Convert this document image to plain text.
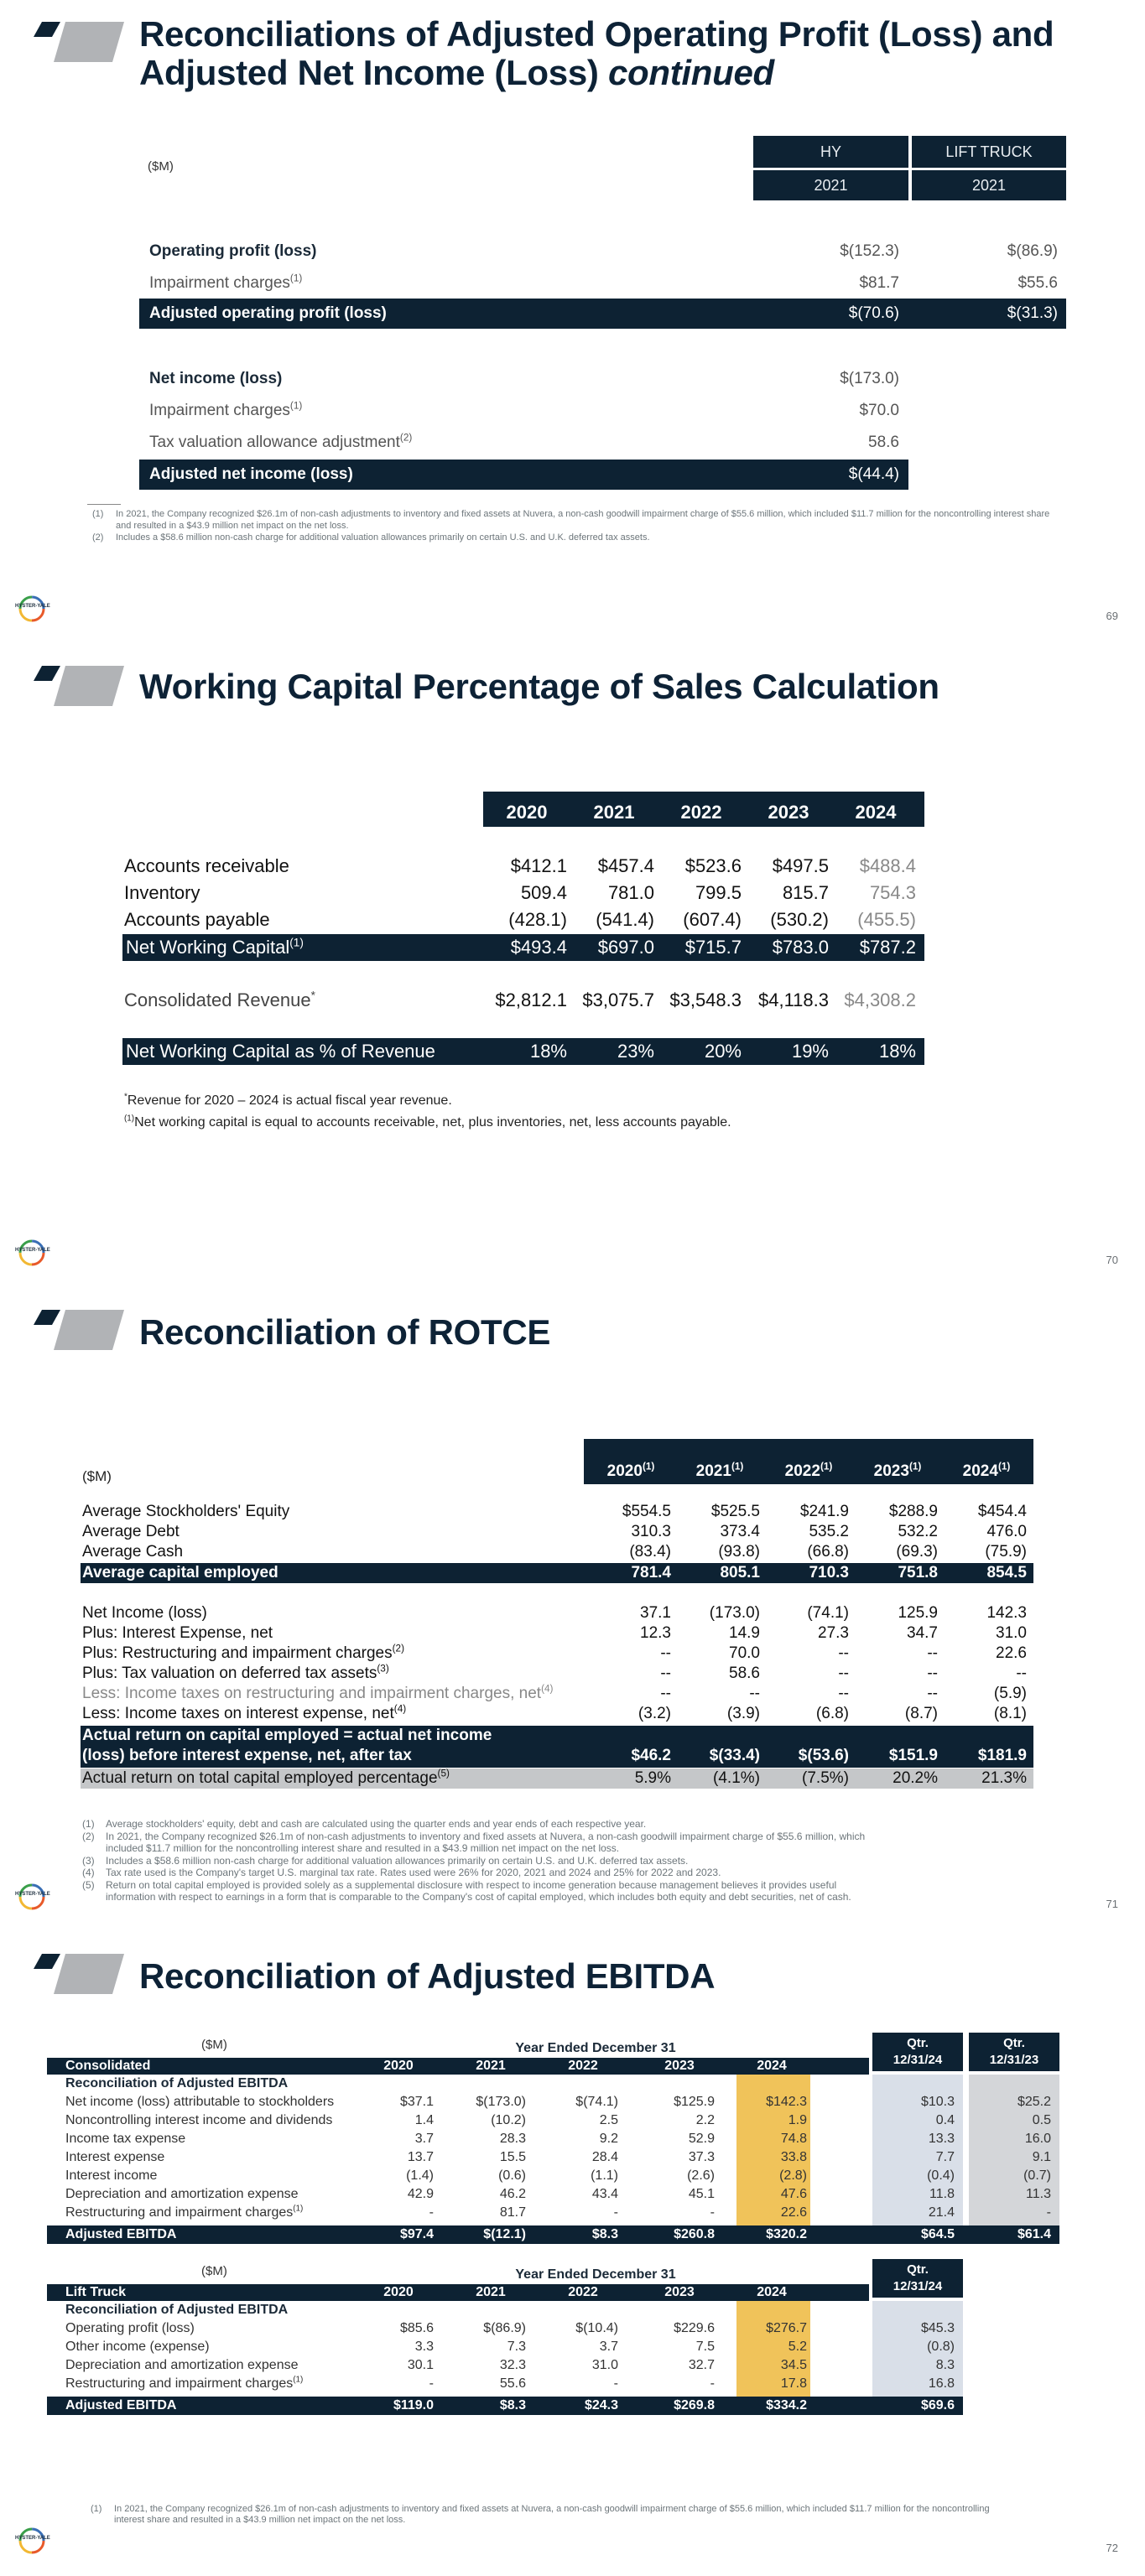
Reconciliations of Adjusted Operating Profit (Loss) and
Adjusted Net Income (Loss) continued
($M)
HY	LIFT TRUCK
2021	2021
Operating profit (loss)	$(152.3)	$(86.9)
Impairment charges$^{(1)}$	$81.7	$55.6
Adjusted operating profit (loss)	$(70.6)	$(31.3)
Net income (loss)	$(173.0)
Impairment charges$^{(1)}$	$70.0
Tax valuation allowance adjustment$^{(2)}$	58.6
Adjusted net income (loss)	$(44.4)
(1)	In 2021, the Company recognized $26.1m of non-cash adjustments to inventory and fixed assets at Nuvera, a non-cash goodwill impairment charge of $55.6 million, which included $11.7 million for the noncontrolling interest share and resulted in a $43.9 million net impact on the net loss.
(2)	Includes a $58.6 million non-cash charge for additional valuation allowances primarily on certain U.S. and U.K. deferred tax assets.
HYSTER-YALE
69
Working Capital Percentage of Sales Calculation
2020	2021	2022	2023	2024
Accounts receivable	$412.1	$457.4	$523.6	$497.5	$488.4
Inventory	509.4	781.0	799.5	815.7	754.3
Accounts payable	(428.1)	(541.4)	(607.4)	(530.2)	(455.5)
Net Working Capital$^{(1)}$	$493.4	$697.0	$715.7	$783.0	$787.2
Consolidated Revenue*	$2,812.1 $3,075.7 $3,548.3 $4,118.3 $4,308.2
Net Working Capital as % of Revenue	18%	23%	20%	19%	18%
*Revenue for 2020 – 2024 is actual fiscal year revenue.
$^{(1)}$Net working capital is equal to accounts receivable, net, plus inventories, net, less accounts payable.
HYSTER-YALE
70
Reconciliation of ROTCE
($M)	2020$^{(1)}$	2021$^{(1)}$	2022$^{(1)}$	2023$^{(1)}$	2024$^{(1)}$
Average Stockholders' Equity	$554.5	$525.5	$241.9	$288.9	$454.4
Average Debt	310.3	373.4	535.2	532.2	476.0
Average Cash	(83.4)	(93.8)	(66.8)	(69.3)	(75.9)
Average capital employed	781.4	805.1	710.3	751.8	854.5
Net Income (loss)	37.1	(173.0)	(74.1)	125.9	142.3
Plus: Interest Expense, net	12.3	14.9	27.3	34.7	31.0
Plus: Restructuring and impairment charges$^{(2)}$	--	70.0	--	--	22.6
Plus: Tax valuation on deferred tax assets$^{(3)}$	--	58.6	--	--	--
Less: Income taxes on restructuring and impairment charges, net$^{(4)}$	--	--	--	--	(5.9)
Less: Income taxes on interest expense, net$^{(4)}$	(3.2)	(3.9)	(6.8)	(8.7)	(8.1)
Actual return on capital employed = actual net income
(loss) before interest expense, net, after tax	$46.2	$(33.4)	$(53.6)	$151.9	$181.9
Actual return on total capital employed percentage$^{(5)}$	5.9%	(4.1%)	(7.5%)	20.2%	21.3%
(1)	Average stockholders' equity, debt and cash are calculated using the quarter ends and year ends of each respective year.
(2)	In 2021, the Company recognized $26.1m of non-cash adjustments to inventory and fixed assets at Nuvera, a non-cash goodwill impairment charge of $55.6 million, which
included $11.7 million for the noncontrolling interest share and resulted in a $43.9 million net impact on the net loss.
(3)	Includes a $58.6 million non-cash charge for additional valuation allowances primarily on certain U.S. and U.K. deferred tax assets.
(4)	Tax rate used is the Company's target U.S. marginal tax rate. Rates used were 26% for 2020, 2021 and 2024 and 25% for 2022 and 2023.
(5)	Return on total capital employed is provided solely as a supplemental disclosure with respect to income generation because management believes it provides useful
information with respect to earnings in a form that is comparable to the Company's cost of capital employed, which includes both equity and debt securities, net of cash.
HYSTER-YALE
71
Reconciliation of Adjusted EBITDA
($M)	Year Ended December 31	Qtr.
12/31/24
Qtr.
12/31/23
Consolidated	2020	2021	2022	2023	2024
Reconciliation of Adjusted EBITDA
Net income (loss) attributable to stockholders	$37.1	$(173.0)	$(74.1)	$125.9	$142.3	$10.3	$25.2
Noncontrolling interest income and dividends	1.4	(10.2)	2.5	2.2	1.9	0.4	0.5
Income tax expense	3.7	28.3	9.2	52.9	74.8	13.3	16.0
Interest expense	13.7	15.5	28.4	37.3	33.8	7.7	9.1
Interest income	(1.4)	(0.6)	(1.1)	(2.6)	(2.8)	(0.4)	(0.7)
Depreciation and amortization expense	42.9	46.2	43.4	45.1	47.6	11.8	11.3
Restructuring and impairment charges$^{(1)}$	-	81.7	-	-	22.6	21.4	-
Adjusted EBITDA	$97.4	$(12.1)	$8.3	$260.8	$320.2	$64.5	$61.4
($M)	Year Ended December 31	Qtr.
12/31/24
Lift Truck	2020	2021	2022	2023	2024
Reconciliation of Adjusted EBITDA
Operating profit (loss)	$85.6	$(86.9)	$(10.4)	$229.6	$276.7	$45.3
Other income (expense)	3.3	7.3	3.7	7.5	5.2	(0.8)
Depreciation and amortization expense	30.1	32.3	31.0	32.7	34.5	8.3
Restructuring and impairment charges$^{(1)}$	-	55.6	-	-	17.8	16.8
Adjusted EBITDA	$119.0	$8.3	$24.3	$269.8	$334.2	$69.6
(1)	In 2021, the Company recognized $26.1m of non-cash adjustments to inventory and fixed assets at Nuvera, a non-cash goodwill impairment charge of $55.6 million, which included $11.7 million for the noncontrolling
interest share and resulted in a $43.9 million net impact on the net loss.
HYSTER-YALE
72
